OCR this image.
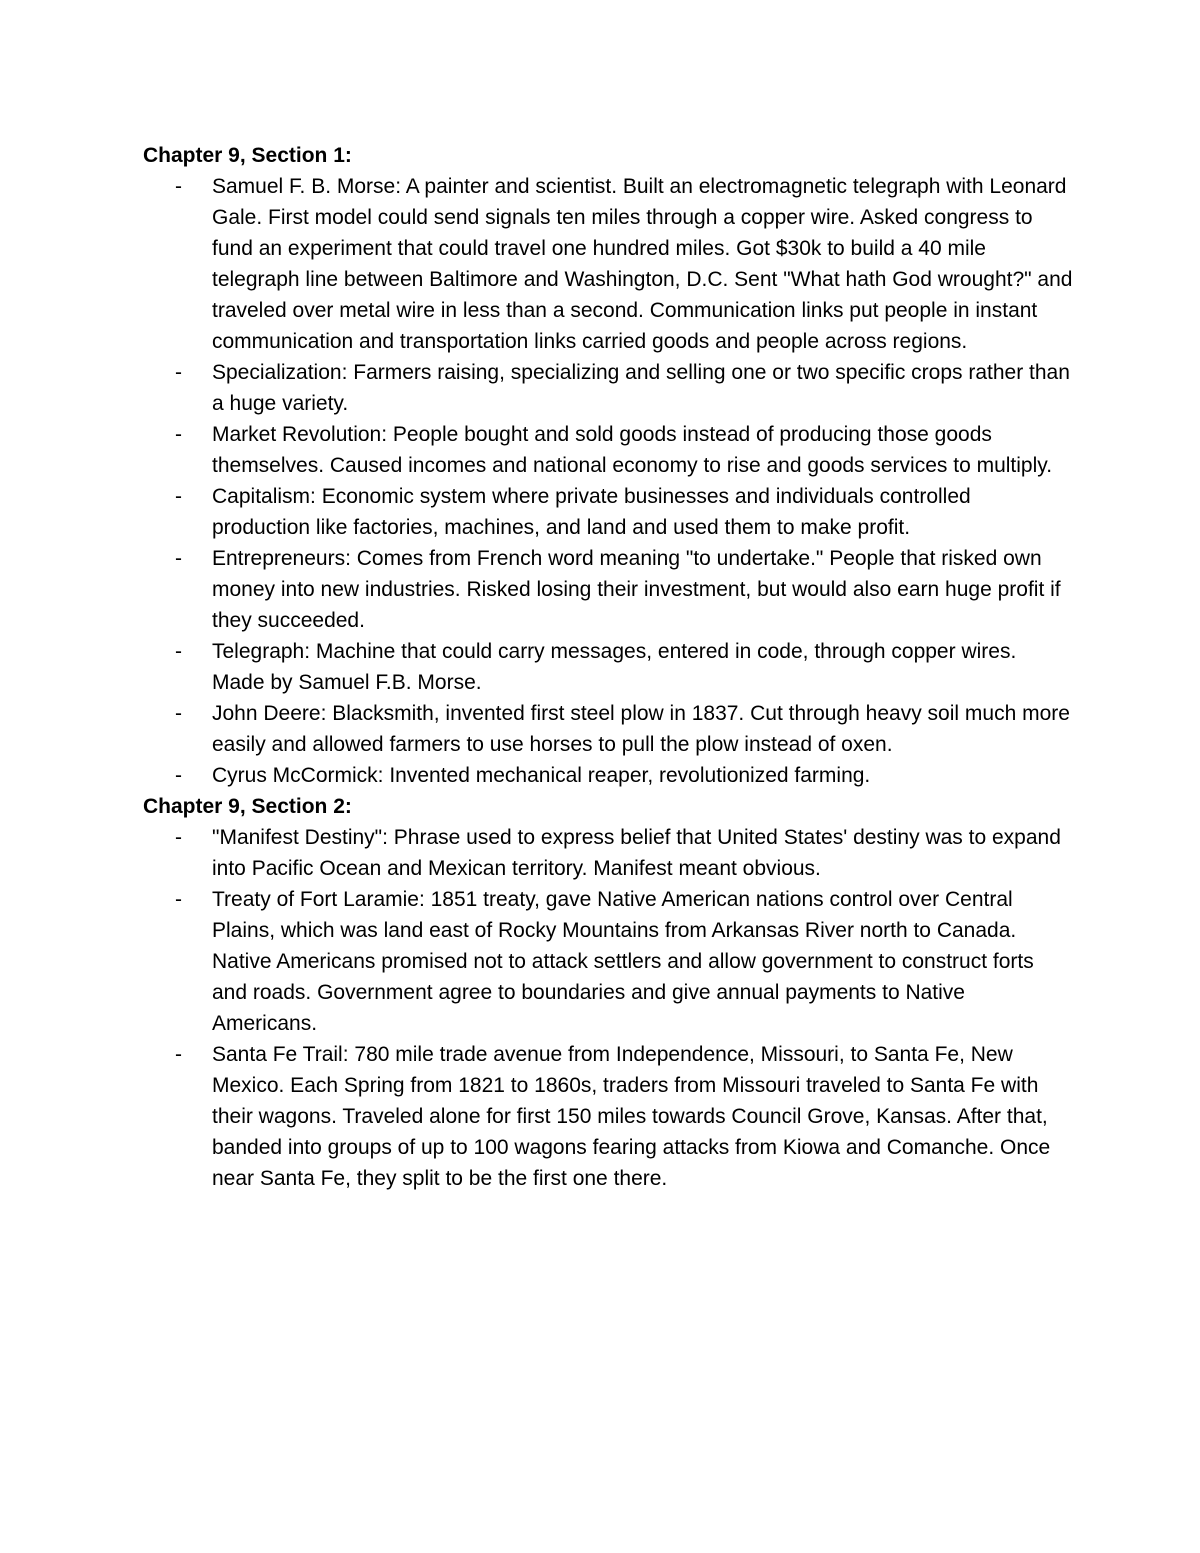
Chapter 9, Section 1:

- Samuel F. B. Morse: A painter and scientist. Built an electromagnetic telegraph with Leonard Gale. First model could send signals ten miles through a copper wire. Asked congress to fund an experiment that could travel one hundred miles. Got $30k to build a 40 mile telegraph line between Baltimore and Washington, D.C. Sent "What hath God wrought?" and traveled over metal wire in less than a second. Communication links put people in instant communication and transportation links carried goods and people across regions.
- Specialization: Farmers raising, specializing and selling one or two specific crops rather than a huge variety.
- Market Revolution: People bought and sold goods instead of producing those goods themselves. Caused incomes and national economy to rise and goods services to multiply.
- Capitalism: Economic system where private businesses and individuals controlled production like factories, machines, and land and used them to make profit.
- Entrepreneurs: Comes from French word meaning "to undertake." People that risked own money into new industries. Risked losing their investment, but would also earn huge profit if they succeeded.
- Telegraph: Machine that could carry messages, entered in code, through copper wires. Made by Samuel F.B. Morse.
- John Deere: Blacksmith, invented first steel plow in 1837. Cut through heavy soil much more easily and allowed farmers to use horses to pull the plow instead of oxen.
- Cyrus McCormick: Invented mechanical reaper, revolutionized farming.

Chapter 9, Section 2:

- "Manifest Destiny": Phrase used to express belief that United States' destiny was to expand into Pacific Ocean and Mexican territory. Manifest meant obvious.
- Treaty of Fort Laramie: 1851 treaty, gave Native American nations control over Central Plains, which was land east of Rocky Mountains from Arkansas River north to Canada. Native Americans promised not to attack settlers and allow government to construct forts and roads. Government agree to boundaries and give annual payments to Native Americans.
- Santa Fe Trail: 780 mile trade avenue from Independence, Missouri, to Santa Fe, New Mexico. Each Spring from 1821 to 1860s, traders from Missouri traveled to Santa Fe with their wagons. Traveled alone for first 150 miles towards Council Grove, Kansas. After that, banded into groups of up to 100 wagons fearing attacks from Kiowa and Comanche. Once near Santa Fe, they split to be the first one there.
